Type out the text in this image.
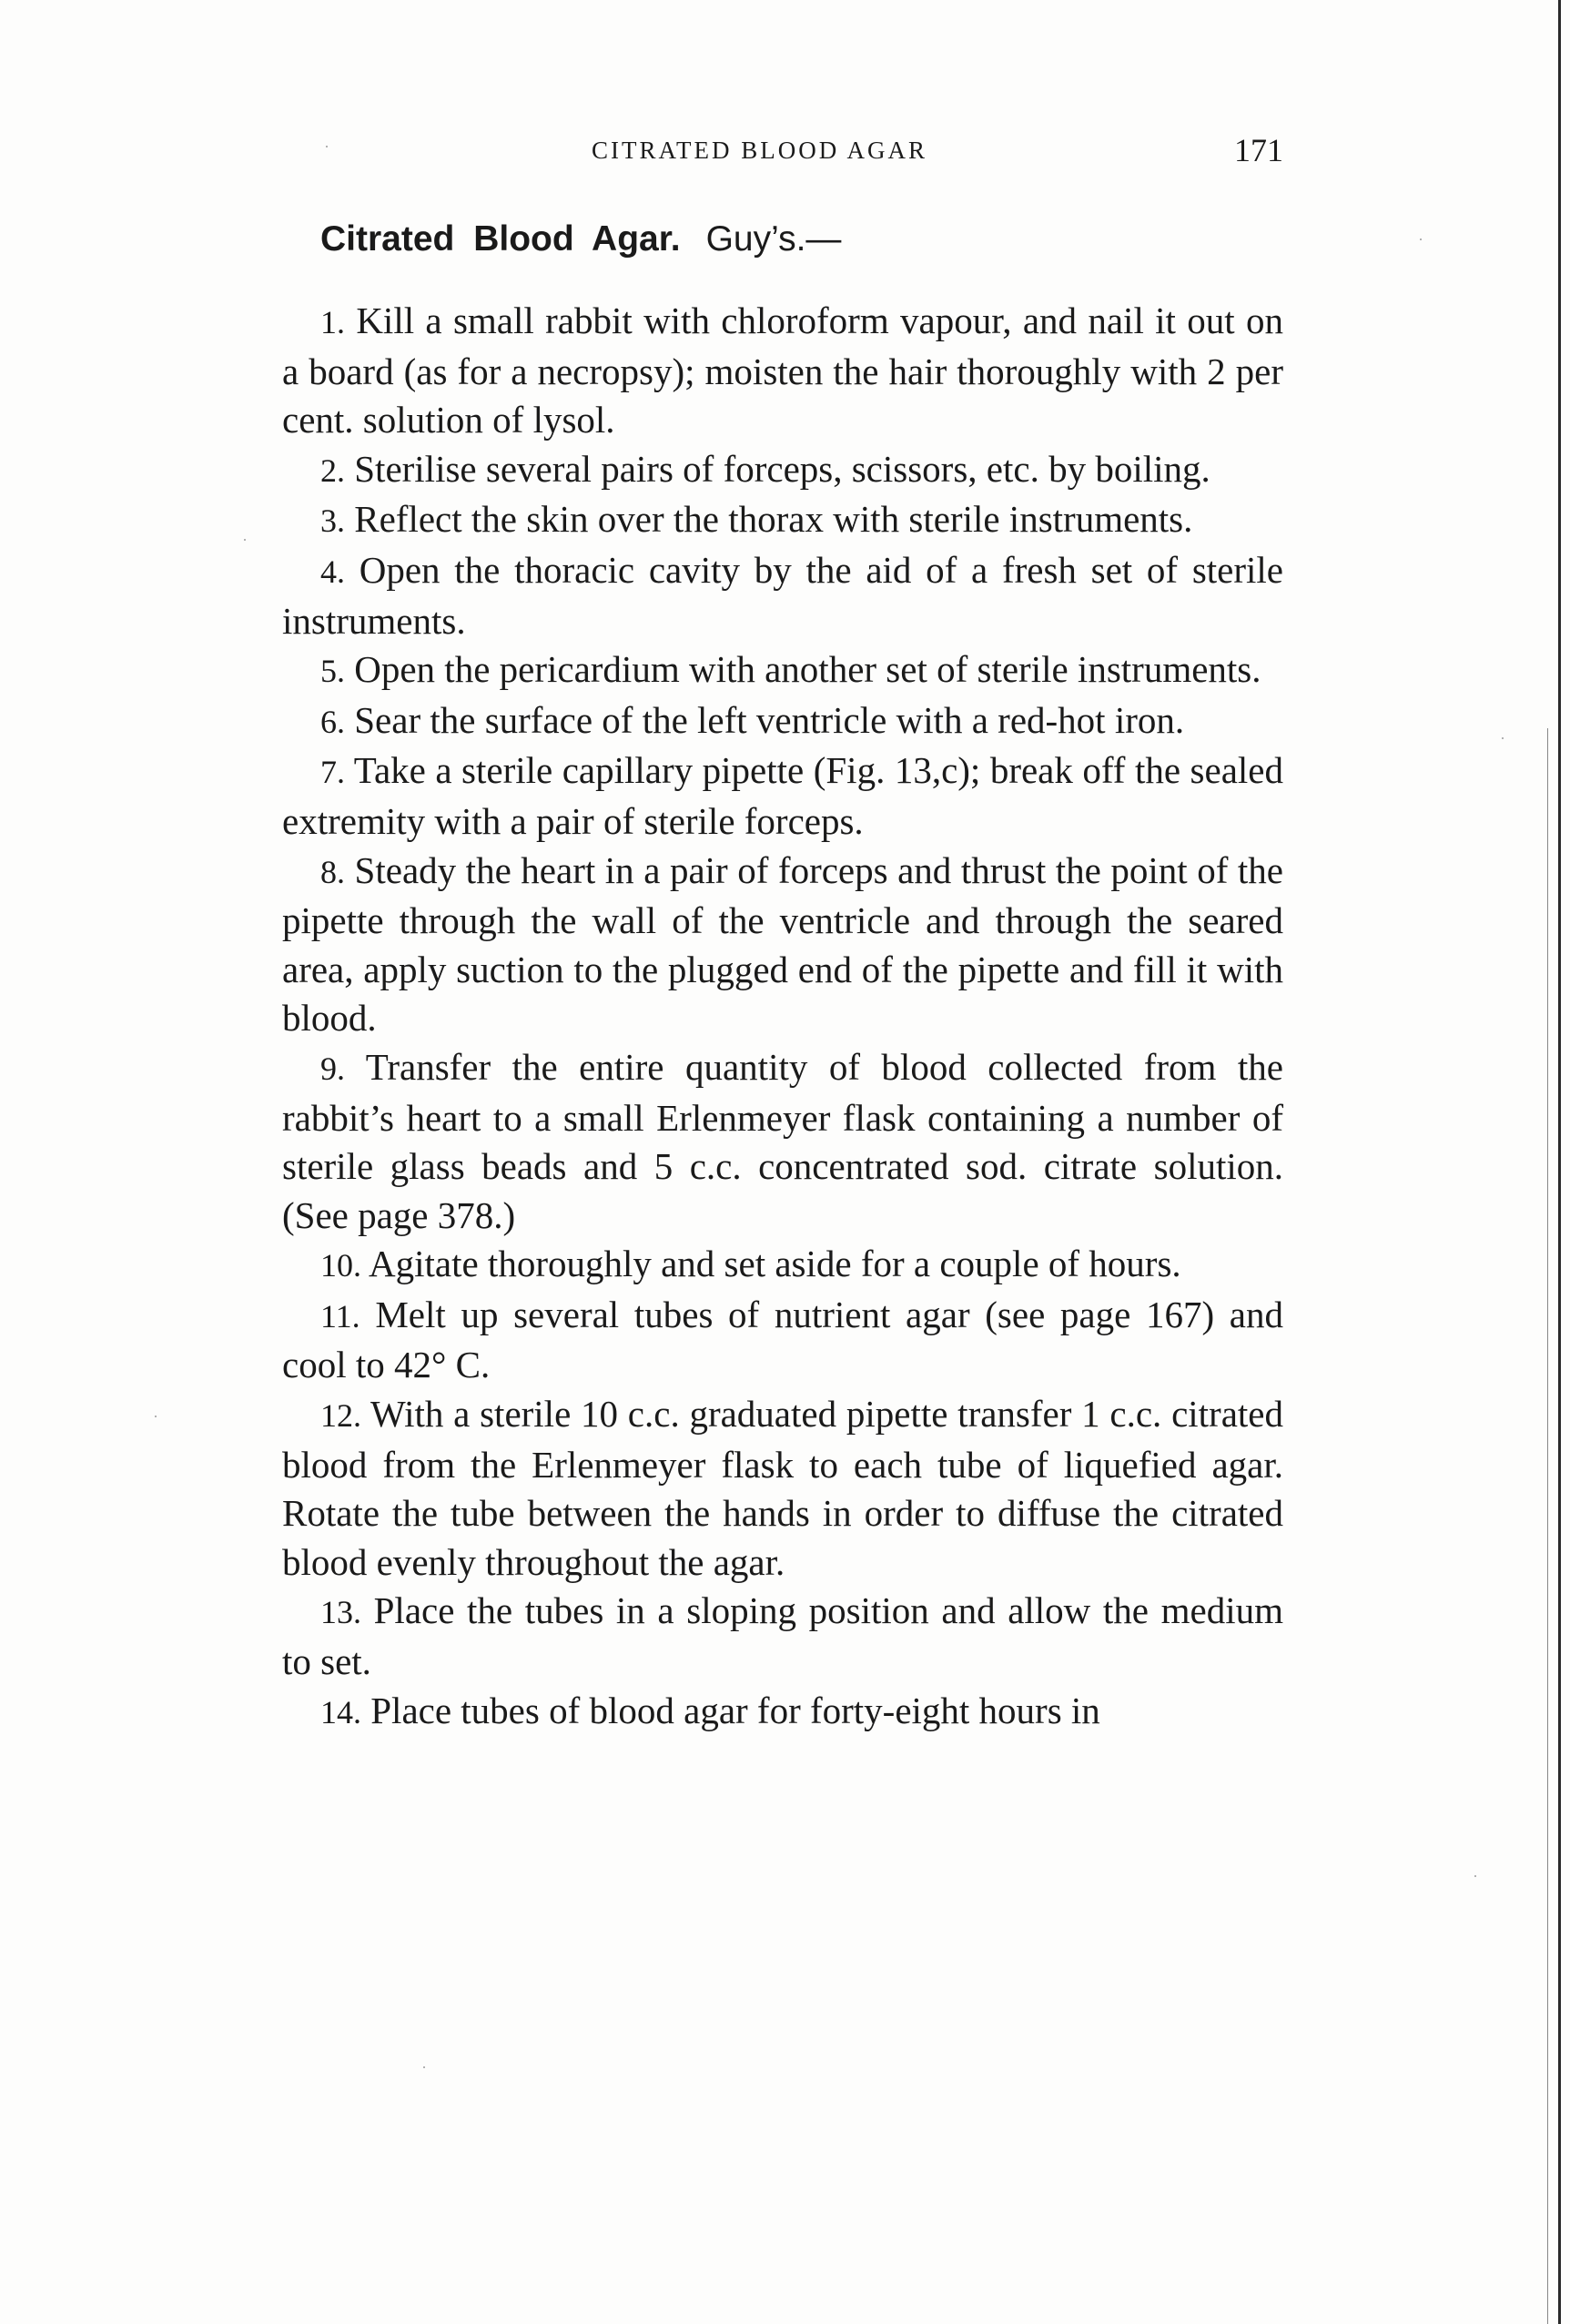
CITRATED BLOOD AGAR	171
Citrated Blood Agar. Guy’s.—

1. Kill a small rabbit with chloroform vapour, and nail it out on a board (as for a necropsy); moisten the hair thoroughly with 2 per cent. solution of lysol.

2. Sterilise several pairs of forceps, scissors, etc. by boiling.

3. Reflect the skin over the thorax with sterile instruments.

4. Open the thoracic cavity by the aid of a fresh set of sterile instruments.

5. Open the pericardium with another set of sterile instruments.

6. Sear the surface of the left ventricle with a red-hot iron.

7. Take a sterile capillary pipette (Fig. 13,c); break off the sealed extremity with a pair of sterile forceps.

8. Steady the heart in a pair of forceps and thrust the point of the pipette through the wall of the ventricle and through the seared area, apply suction to the plugged end of the pipette and fill it with blood.

9. Transfer the entire quantity of blood collected from the rabbit’s heart to a small Erlenmeyer flask containing a number of sterile glass beads and 5 c.c. concentrated sod. citrate solution. (See page 378.)

10. Agitate thoroughly and set aside for a couple of hours.

11. Melt up several tubes of nutrient agar (see page 167) and cool to 42° C.

12. With a sterile 10 c.c. graduated pipette transfer 1 c.c. citrated blood from the Erlenmeyer flask to each tube of liquefied agar. Rotate the tube between the hands in order to diffuse the citrated blood evenly throughout the agar.

13. Place the tubes in a sloping position and allow the medium to set.

14. Place tubes of blood agar for forty-eight hours in
